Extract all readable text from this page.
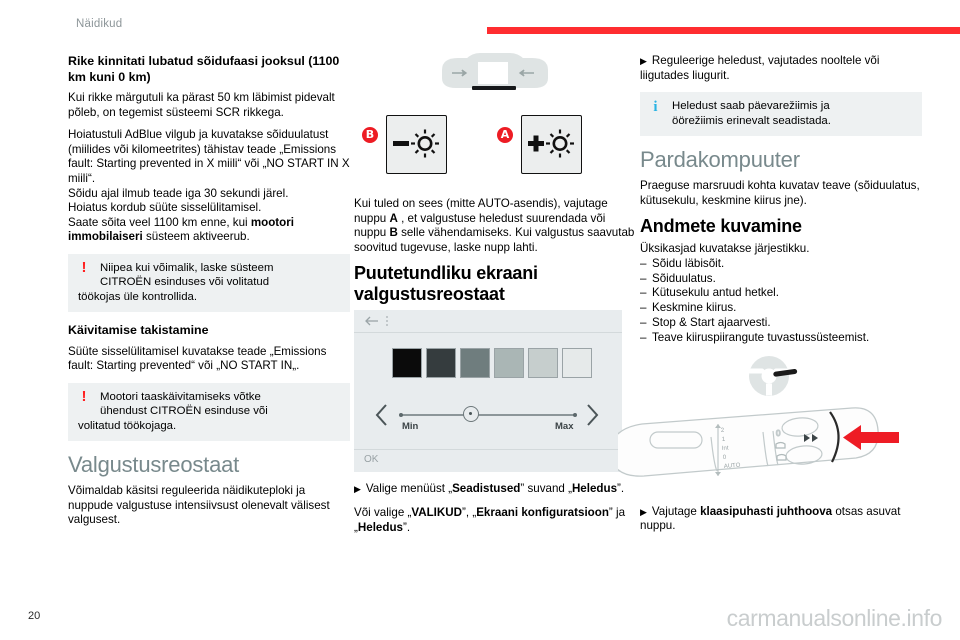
Näidikud
Rike kinnitati lubatud sõidufaasi jooksul (1100 km kuni 0 km)

Kui rikke märgutuli ka pärast 50 km läbimist pidevalt põleb, on tegemist süsteemi SCR rikkega.

Hoiatustuli AdBlue vilgub ja kuvatakse sõiduulatust (miilides või kilomeetrites) tähistav teade „Emissions fault: Starting prevented in X miili“ või „NO START IN X miili“.

Sõidu ajal ilmub teade iga 30 sekundi järel.

Hoiatus kordub süüte sisselülitamisel.

Saate sõita veel 1100 km enne, kui mootori immobilaiseri süsteem aktiveerub.

!	Niipea kui võimalik, laske süsteem

CITROËN esinduses või volitatud

töökojas üle kontrollida.

Käivitamise takistamine

Süüte sisselülitamisel kuvatakse teade „Emissions fault: Starting prevented“ või „NO START IN„.

!	Mootori taaskäivitamiseks võtke

ühendust CITROËN esinduse või

volitatud töökojaga.

Valgustusreostaat

Võimaldab käsitsi reguleerida näidikuteploki ja nuppude valgustuse intensiivsust olenevalt välisest valgusest.

B	A

Kui tuled on sees (mitte AUTO-asendis), vajutage nuppu A , et valgustuse heledust suurendada või nuppu B selle vähendamiseks. Kui valgustus saavutab soovitud tugevuse, laske nupp lahti.

Puutetundliku ekraani valgustusreostaat
Min	Max
OK
▶ Valige menüüst „Seadistused” suvand „Heledus”.

Või valige „VALIKUD”, „Ekraani konfiguratsioon” ja „Heledus”.

▶ Reguleerige heledust, vajutades nooltele või liigutades liugurit.
i Heledust saab päevarežiimis ja

öörežiimis erinevalt seadistada.

Pardakompuuter

Praeguse marsruudi kohta kuvatav teave (sõiduulatus, kütusekulu, keskmine kiirus jne).

Andmete kuvamine

Üksikasjad kuvatakse järjestikku.

– Sõidu läbisõit.
– Sõiduulatus.
– Kütusekulu antud hetkel.
– Keskmine kiirus.
– Stop & Start ajaarvesti.
– Teave kiiruspiirangute tuvastussüsteemist.
2
1
Int
0
AUTO
0
▶ Vajutage klaasipuhasti juhthoova otsas asuvat nuppu.
20	carmanualsonline.info
